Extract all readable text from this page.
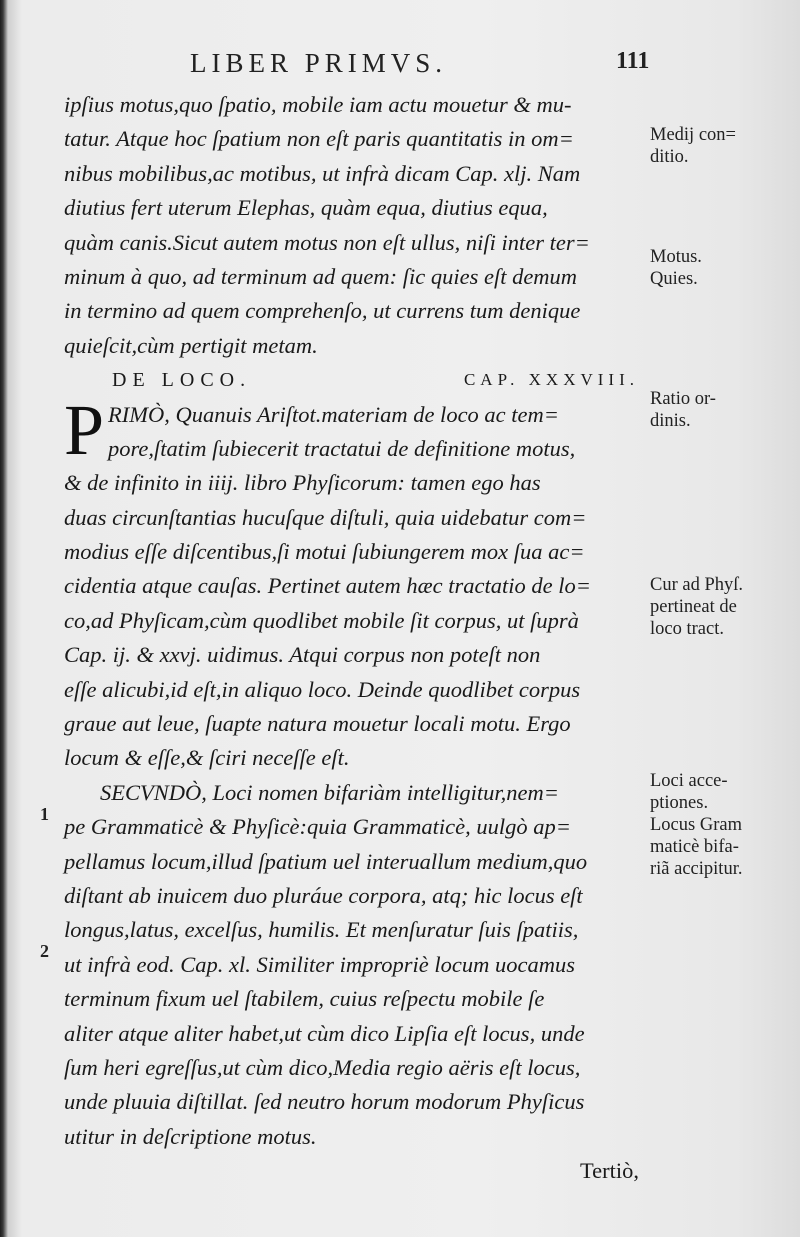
LIBER PRIMVS.	111
ipſius motus,quo ſpatio, mobile iam actu mouetur & mu-
tatur. Atque hoc ſpatium non eſt paris quantitatis in om=
nibus mobilibus,ac motibus, ut infrà dicam Cap. xlj. Nam
diutius fert uterum Elephas, quàm equa, diutius equa,
quàm canis.Sicut autem motus non eſt ullus, niſi inter ter=
minum à quo, ad terminum ad quem: ſic quies eſt demum
in termino ad quem comprehenſo, ut currens tum denique
quieſcit,cùm pertigit metam.
DE LOCO.	CAP. XXXVIII.
P RIMÒ, Quanuis Ariſtot.materiam de loco ac tem=
pore,ſtatim ſubiecerit tractatui de definitione motus,
& de infinito in iiij. libro Phyſicorum: tamen ego has
duas circunſtantias hucuſque diſtuli, quia uidebatur com=
modius eſſe diſcentibus,ſi motui ſubiungerem mox ſua ac=
cidentia atque cauſas. Pertinet autem hæc tractatio de lo=
co,ad Phyſicam,cùm quodlibet mobile ſit corpus, ut ſuprà
Cap. ij. & xxvj. uidimus. Atqui corpus non poteſt non
eſſe alicubi,id eſt,in aliquo loco. Deinde quodlibet corpus
graue aut leue, ſuapte natura mouetur locali motu. Ergo
locum & eſſe,& ſciri neceſſe eſt.
SECVNDÒ, Loci nomen bifariàm intelligitur,nem=
pe Grammaticè & Phyſicè:quia Grammaticè, uulgò ap=
pellamus locum,illud ſpatium uel interuallum medium,quo
diſtant ab inuicem duo pluráue corpora, atq; hic locus eſt
longus,latus, excelſus, humilis. Et menſuratur ſuis ſpatiis,
ut infrà eod. Cap. xl. Similiter impropriè locum uocamus
terminum fixum uel ſtabilem, cuius reſpectu mobile ſe
aliter atque aliter habet,ut cùm dico Lipſia eſt locus, unde
ſum heri egreſſus,ut cùm dico,Media regio aëris eſt locus,
unde pluuia diſtillat. ſed neutro horum modorum Phyſicus
utitur in deſcriptione motus.
Tertiò,
Medij con=
ditio.
Motus.
Quies.
Ratio or-
dinis.
Cur ad Phyſ.
pertineat de
loco tract.
Loci acce-
ptiones.
Locus Gram
maticè bifa-
riã accipitur.
1
2
